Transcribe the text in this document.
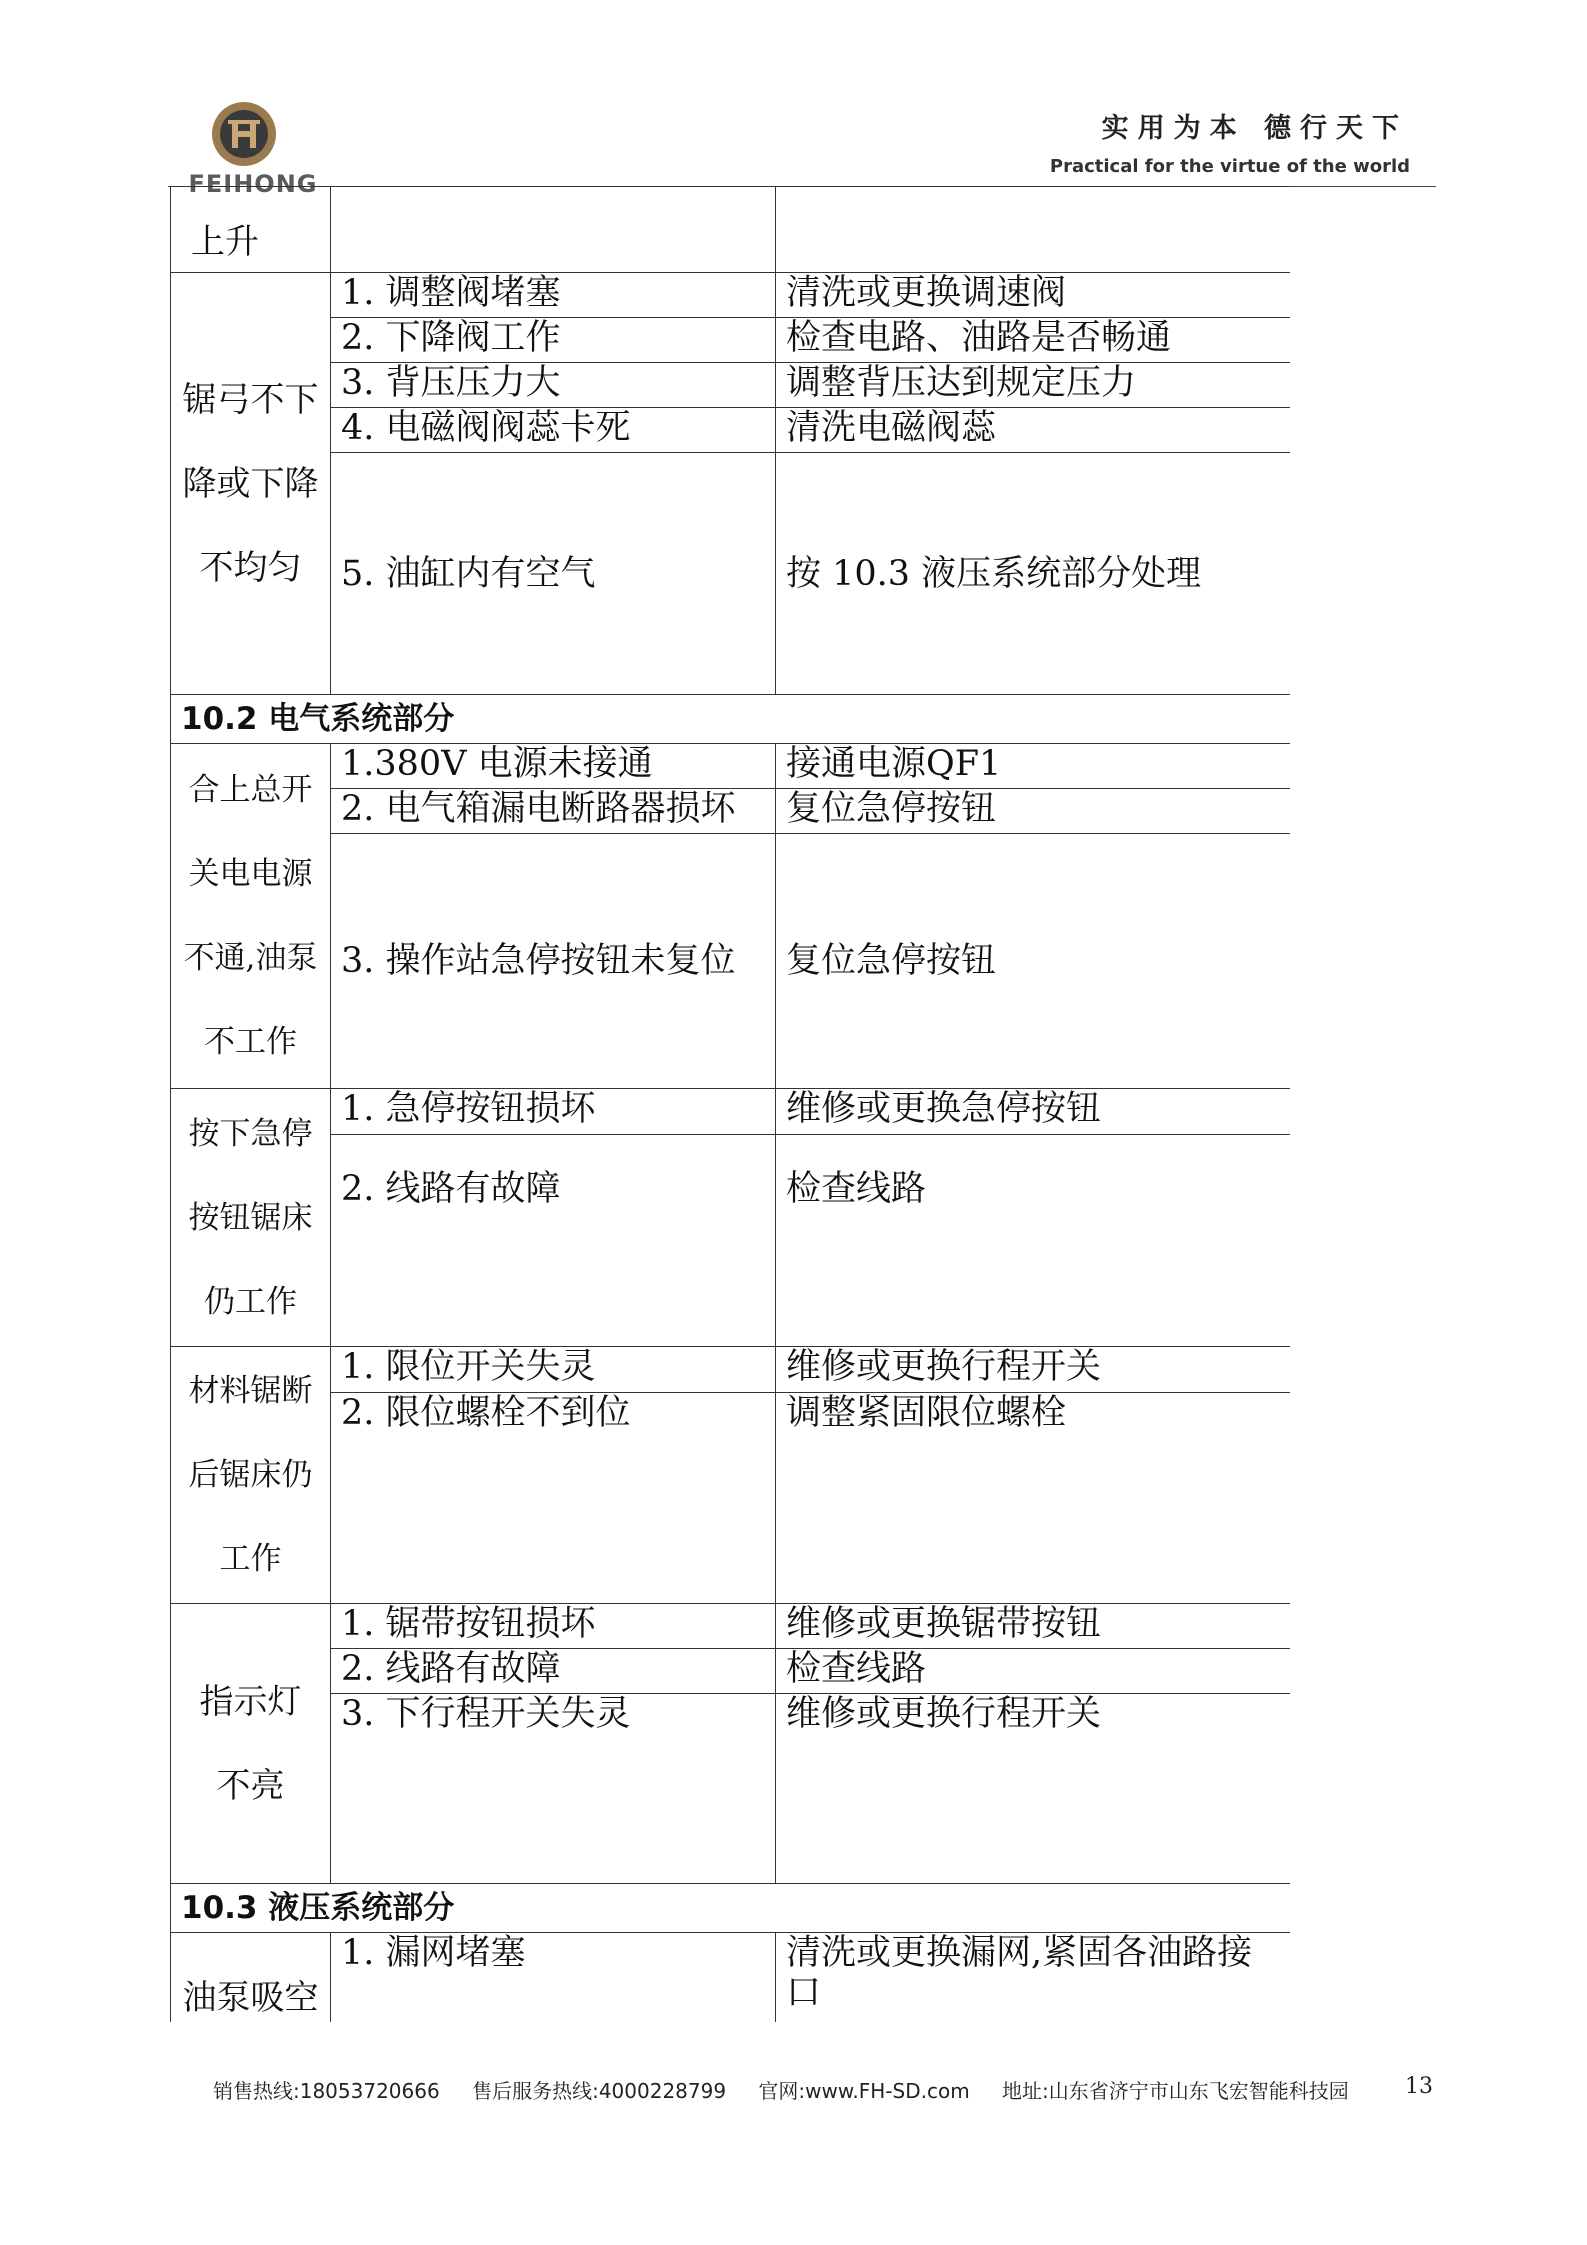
FEIHONG
实用为本 德行天下
Practical for the virtue of the world
上升		
锯弓不下降或下降不均匀	1. 调整阀堵塞	清洗或更换调速阀
	2. 下降阀工作	检查电路、油路是否畅通
	3. 背压压力大	调整背压达到规定压力
	4. 电磁阀阀蕊卡死	清洗电磁阀蕊
	5. 油缸内有空气	按 10.3 液压系统部分处理
10.2 电气系统部分		
合上总开关电电源不通,油泵不工作	1.380V 电源未接通	接通电源QF1
	2. 电气箱漏电断路器损坏	复位急停按钮
	3. 操作站急停按钮未复位	复位急停按钮
按下急停按钮锯床仍工作	1. 急停按钮损坏	维修或更换急停按钮
	2. 线路有故障	检查线路
材料锯断后锯床仍工作	1. 限位开关失灵	维修或更换行程开关
	2. 限位螺栓不到位	调整紧固限位螺栓
指示灯不亮	1. 锯带按钮损坏	维修或更换锯带按钮
	2. 线路有故障	检查线路
	3. 下行程开关失灵	维修或更换行程开关
10.3 液压系统部分		
油泵吸空	1. 漏网堵塞	清洗或更换漏网,紧固各油路接口
销售热线:18053720666 售后服务热线:4000228799 官网:www.FH-SD.com 地址:山东省济宁市山东飞宏智能科技园	13
